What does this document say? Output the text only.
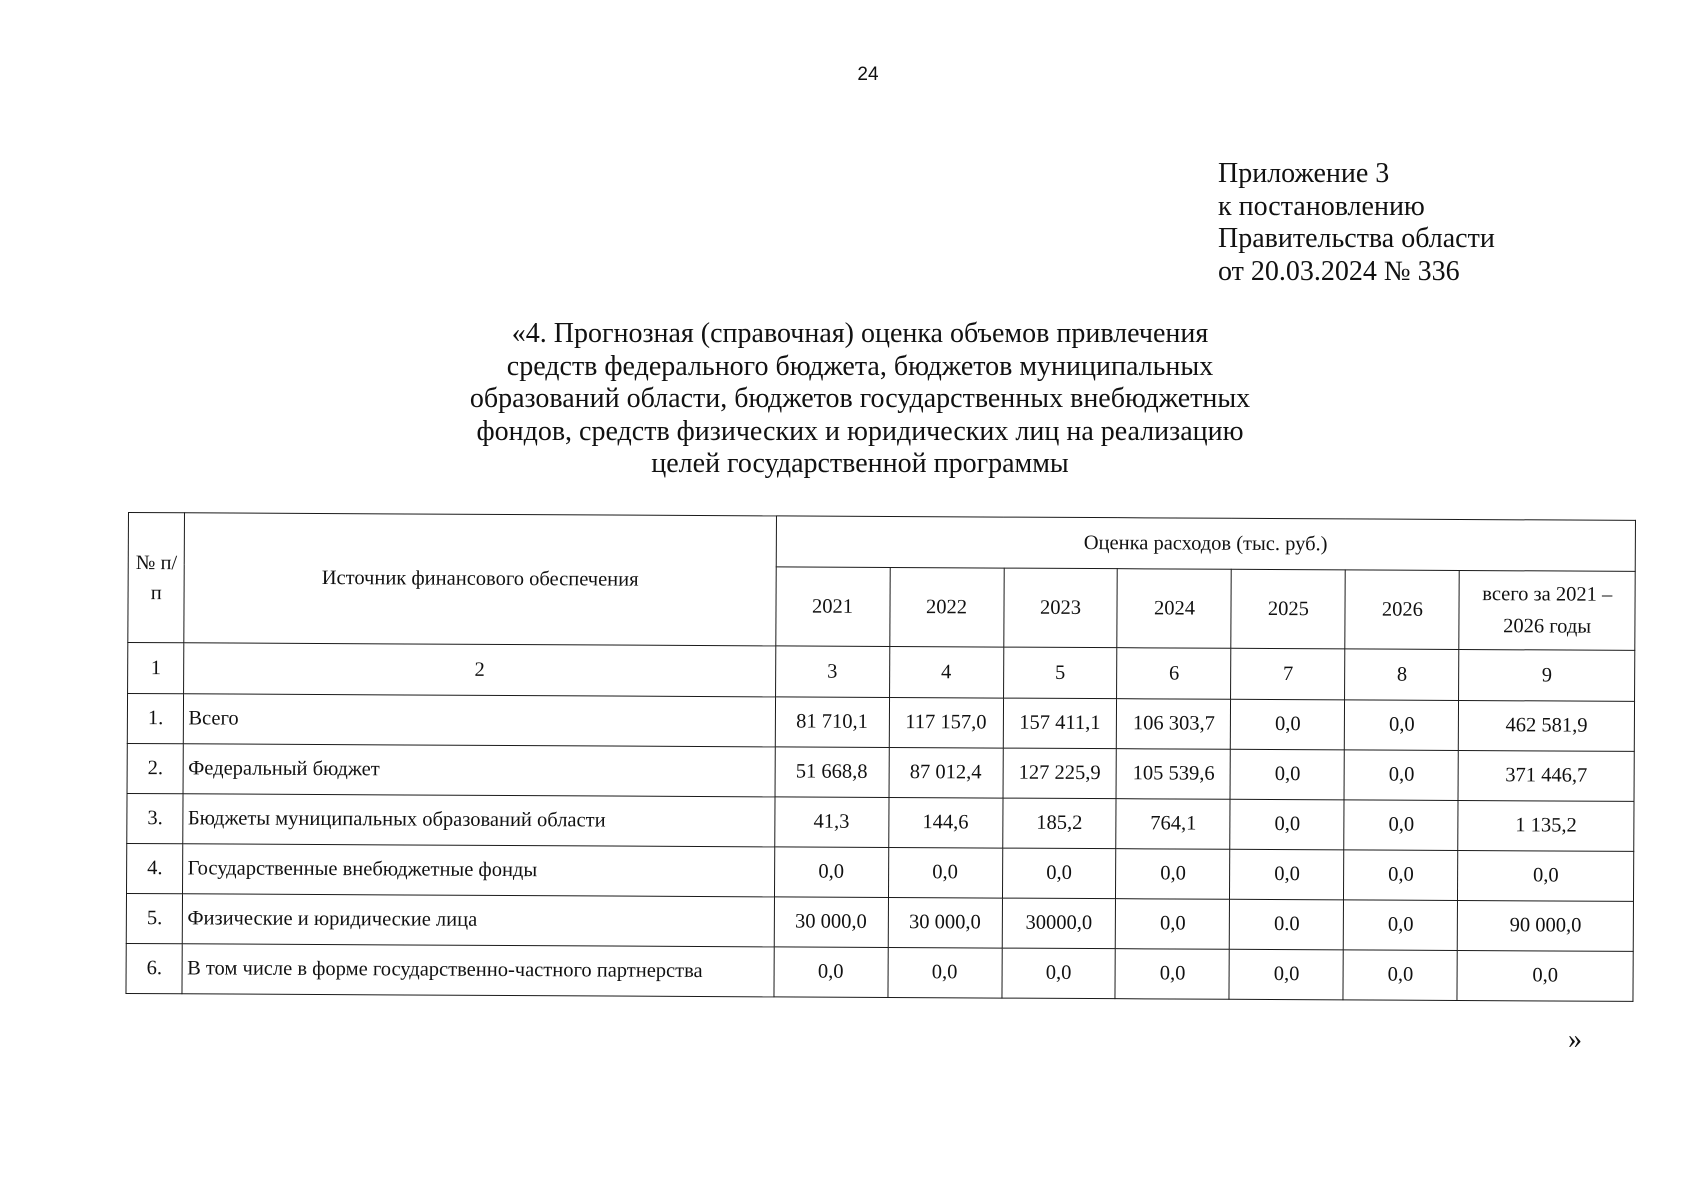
24
Приложение 3
к постановлению
Правительства области
от 20.03.2024 № 336
«4. Прогнозная (справочная) оценка объемов привлечения
средств федерального бюджета, бюджетов муниципальных
образований области, бюджетов государственных внебюджетных
фондов, средств физических и юридических лиц на реализацию
целей государственной программы
№ п/п	Источник финансового обеспечения	Оценка расходов (тыс. руб.)						
		2021	2022	2023	2024	2025	2026	всего за 2021 – 2026 годы
1	2	3	4	5	6	7	8	9
1.	Всего	81 710,1	117 157,0	157 411,1	106 303,7	0,0	0,0	462 581,9
2.	Федеральный бюджет	51 668,8	87 012,4	127 225,9	105 539,6	0,0	0,0	371 446,7
3.	Бюджеты муниципальных образований области	41,3	144,6	185,2	764,1	0,0	0,0	1 135,2
4.	Государственные внебюджетные фонды	0,0	0,0	0,0	0,0	0,0	0,0	0,0
5.	Физические и юридические лица	30 000,0	30 000,0	30000,0	0,0	0.0	0,0	90 000,0
6.	В том числе в форме государственно-частного партнерства	0,0	0,0	0,0	0,0	0,0	0,0	0,0
»
